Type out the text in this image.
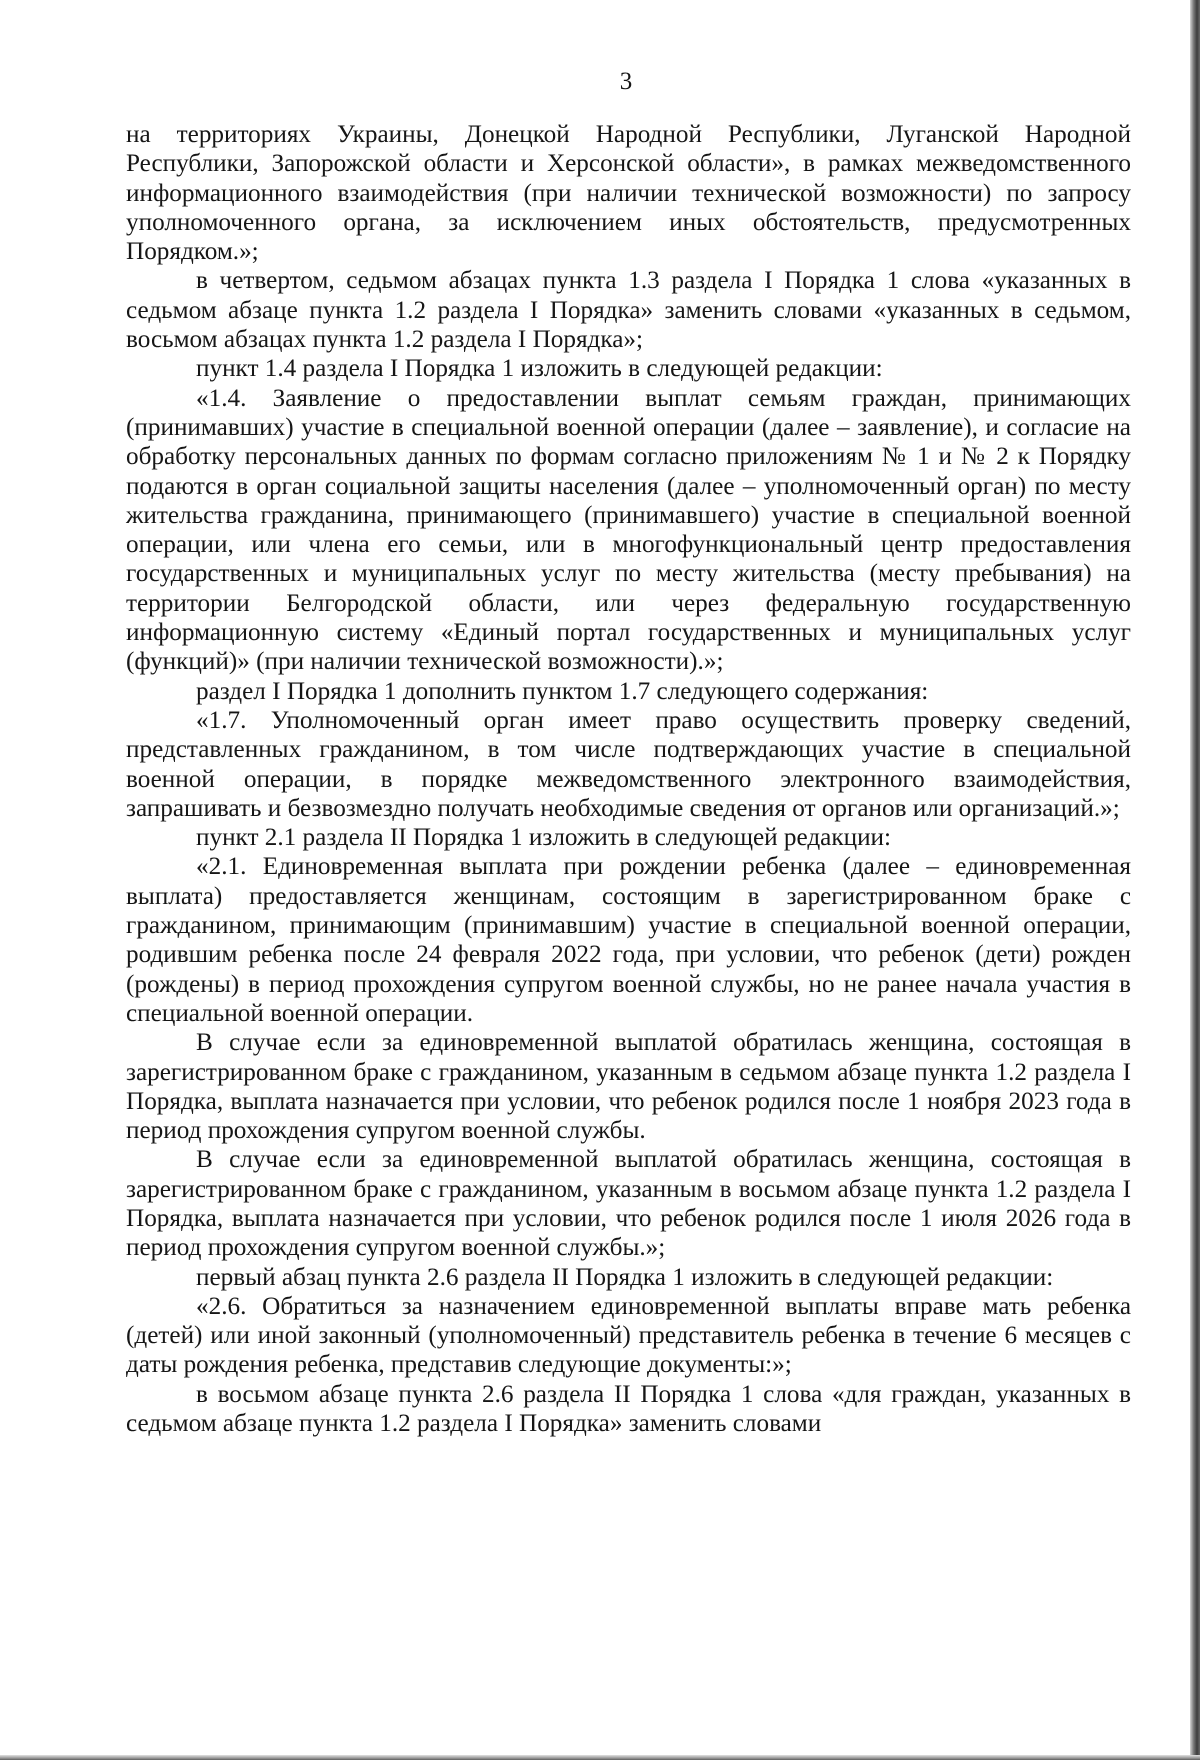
3

на территориях Украины, Донецкой Народной Республики, Луганской Народной Республики, Запорожской области и Херсонской области», в рамках межведомственного информационного взаимодействия (при наличии технической возможности) по запросу уполномоченного органа, за исключением иных обстоятельств, предусмотренных Порядком.»;

в четвертом, седьмом абзацах пункта 1.3 раздела I Порядка 1 слова «указанных в седьмом абзаце пункта 1.2 раздела I Порядка» заменить словами «указанных в седьмом, восьмом абзацах пункта 1.2 раздела I Порядка»;

пункт 1.4 раздела I Порядка 1 изложить в следующей редакции:

«1.4. Заявление о предоставлении выплат семьям граждан, принимающих (принимавших) участие в специальной военной операции (далее – заявление), и согласие на обработку персональных данных по формам согласно приложениям № 1 и № 2 к Порядку подаются в орган социальной защиты населения (далее – уполномоченный орган) по месту жительства гражданина, принимающего (принимавшего) участие в специальной военной операции, или члена его семьи, или в многофункциональный центр предоставления государственных и муниципальных услуг по месту жительства (месту пребывания) на территории Белгородской области, или через федеральную государственную информационную систему «Единый портал государственных и муниципальных услуг (функций)» (при наличии технической возможности).»;

раздел I Порядка 1 дополнить пунктом 1.7 следующего содержания:

«1.7. Уполномоченный орган имеет право осуществить проверку сведений, представленных гражданином, в том числе подтверждающих участие в специальной военной операции, в порядке межведомственного электронного взаимодействия, запрашивать и безвозмездно получать необходимые сведения от органов или организаций.»;

пункт 2.1 раздела II Порядка 1 изложить в следующей редакции:

«2.1. Единовременная выплата при рождении ребенка (далее – единовременная выплата) предоставляется женщинам, состоящим в зарегистрированном браке с гражданином, принимающим (принимавшим) участие в специальной военной операции, родившим ребенка после 24 февраля 2022 года, при условии, что ребенок (дети) рожден (рождены) в период прохождения супругом военной службы, но не ранее начала участия в специальной военной операции.

В случае если за единовременной выплатой обратилась женщина, состоящая в зарегистрированном браке с гражданином, указанным в седьмом абзаце пункта 1.2 раздела I Порядка, выплата назначается при условии, что ребенок родился после 1 ноября 2023 года в период прохождения супругом военной службы.

В случае если за единовременной выплатой обратилась женщина, состоящая в зарегистрированном браке с гражданином, указанным в восьмом абзаце пункта 1.2 раздела I Порядка, выплата назначается при условии, что ребенок родился после 1 июля 2026 года в период прохождения супругом военной службы.»;

первый абзац пункта 2.6 раздела II Порядка 1 изложить в следующей редакции:

«2.6. Обратиться за назначением единовременной выплаты вправе мать ребенка (детей) или иной законный (уполномоченный) представитель ребенка в течение 6 месяцев с даты рождения ребенка, представив следующие документы:»;

в восьмом абзаце пункта 2.6 раздела II Порядка 1 слова «для граждан, указанных в седьмом абзаце пункта 1.2 раздела I Порядка» заменить словами
